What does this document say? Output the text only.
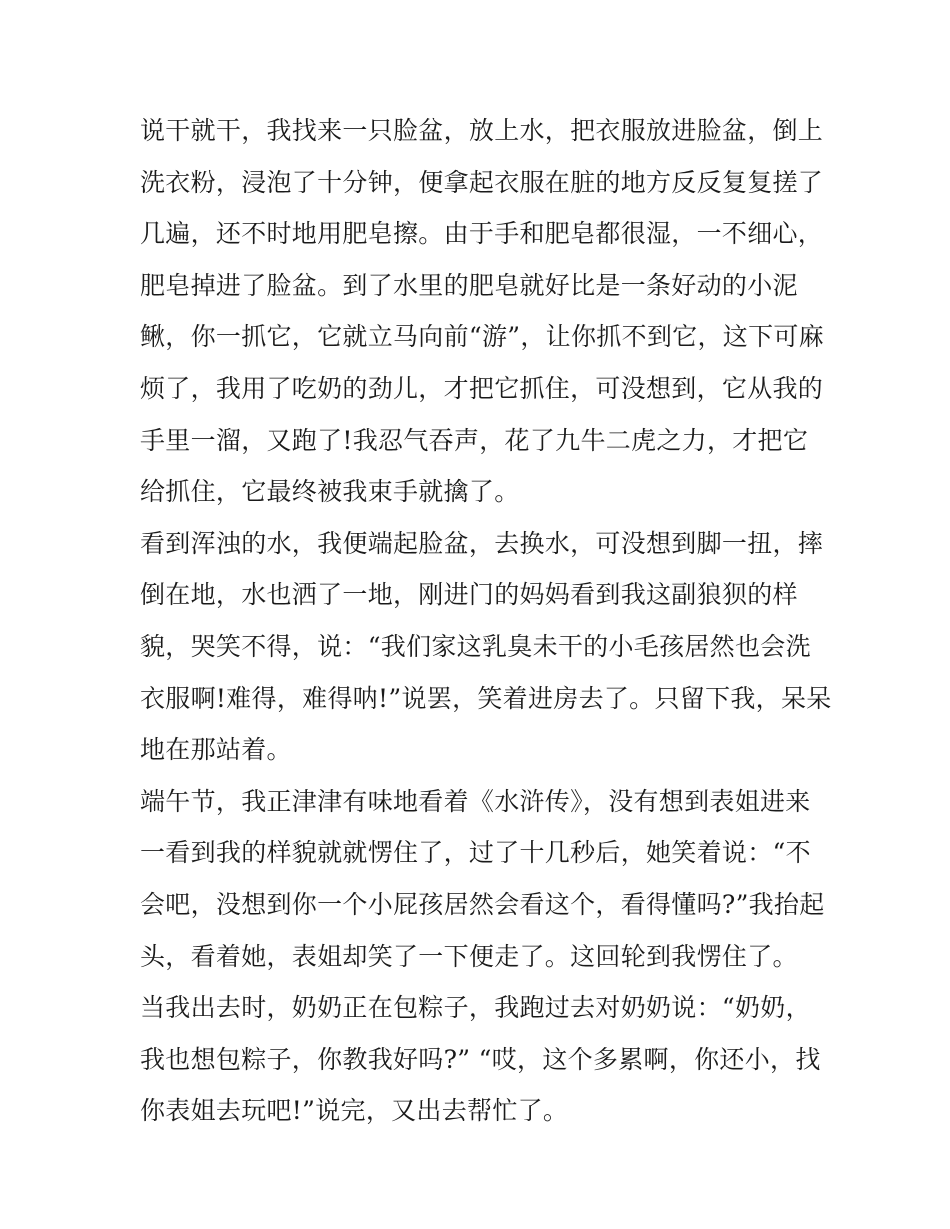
说干就干，我找来一只脸盆，放上水，把衣服放进脸盆，倒上
洗衣粉，浸泡了十分钟，便拿起衣服在脏的地方反反复复搓了
几遍，还不时地用肥皂擦。由于手和肥皂都很湿，一不细心，
肥皂掉进了脸盆。到了水里的肥皂就好比是一条好动的小泥
鳅，你一抓它，它就立马向前“游”，让你抓不到它，这下可麻
烦了，我用了吃奶的劲儿，才把它抓住，可没想到，它从我的
手里一溜，又跑了!我忍气吞声，花了九牛二虎之力，才把它
给抓住，它最终被我束手就擒了。

看到浑浊的水，我便端起脸盆，去换水，可没想到脚一扭，摔
倒在地，水也洒了一地，刚进门的妈妈看到我这副狼狈的样
貌，哭笑不得，说：“我们家这乳臭未干的小毛孩居然也会洗
衣服啊!难得，难得呐!”说罢，笑着进房去了。只留下我，呆呆
地在那站着。

端午节，我正津津有味地看着《水浒传》，没有想到表姐进来
一看到我的样貌就就愣住了，过了十几秒后，她笑着说：“不
会吧，没想到你一个小屁孩居然会看这个，看得懂吗?”我抬起
头，看着她，表姐却笑了一下便走了。这回轮到我愣住了。

当我出去时，奶奶正在包粽子，我跑过去对奶奶说：“奶奶，
我也想包粽子，你教我好吗?” “哎，这个多累啊，你还小，找
你表姐去玩吧!”说完，又出去帮忙了。
